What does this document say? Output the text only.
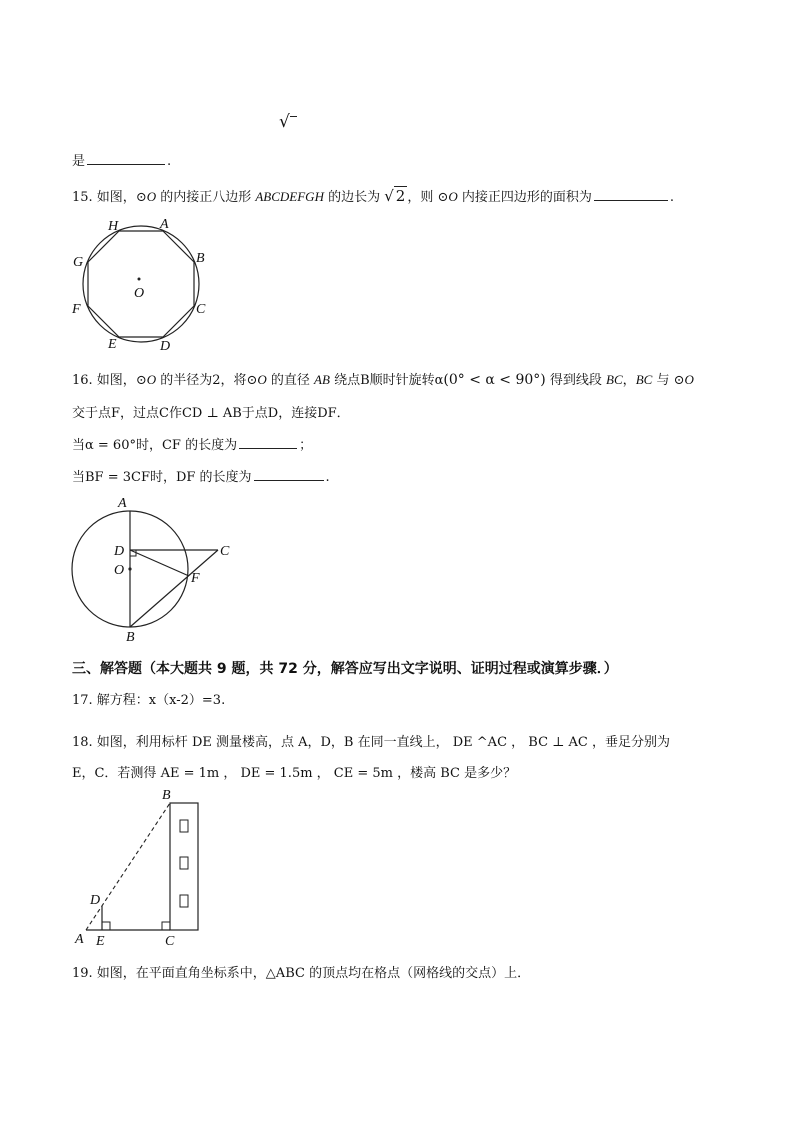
√
是	.
15. 如图，⊙O 的内接正八边形 ABCDEFGH 的边长为 √ 2 ，则 ⊙O 内接正四边形的面积为	.
H	A
B
C
D
E
F
G
O
16. 如图，⊙O 的半径为2，将⊙O 的直径 AB 绕点B顺时针旋转α(0° < α < 90°) 得到线段 BC，BC 与 ⊙O
交于点F，过点C作CD ⊥ AB于点D，连接DF．
当α = 60°时，CF 的长度为	；
当BF = 3CF时，DF 的长度为	.
A
D
O
C
F
B
三、解答题（本大题共 9 题，共 72 分，解答应写出文字说明、证明过程或演算步骤．）
17. 解方程：x（x-2）=3.
18. 如图，利用标杆 DE 测量楼高，点 A，D，B 在同一直线上， DE ^AC ， BC ⊥ AC ，垂足分别为
E，C．若测得 AE = 1m ， DE = 1.5m ， CE = 5m ，楼高 BC 是多少？
B
D
A E	C
19. 如图，在平面直角坐标系中，△ABC 的顶点均在格点（网格线的交点）上．
